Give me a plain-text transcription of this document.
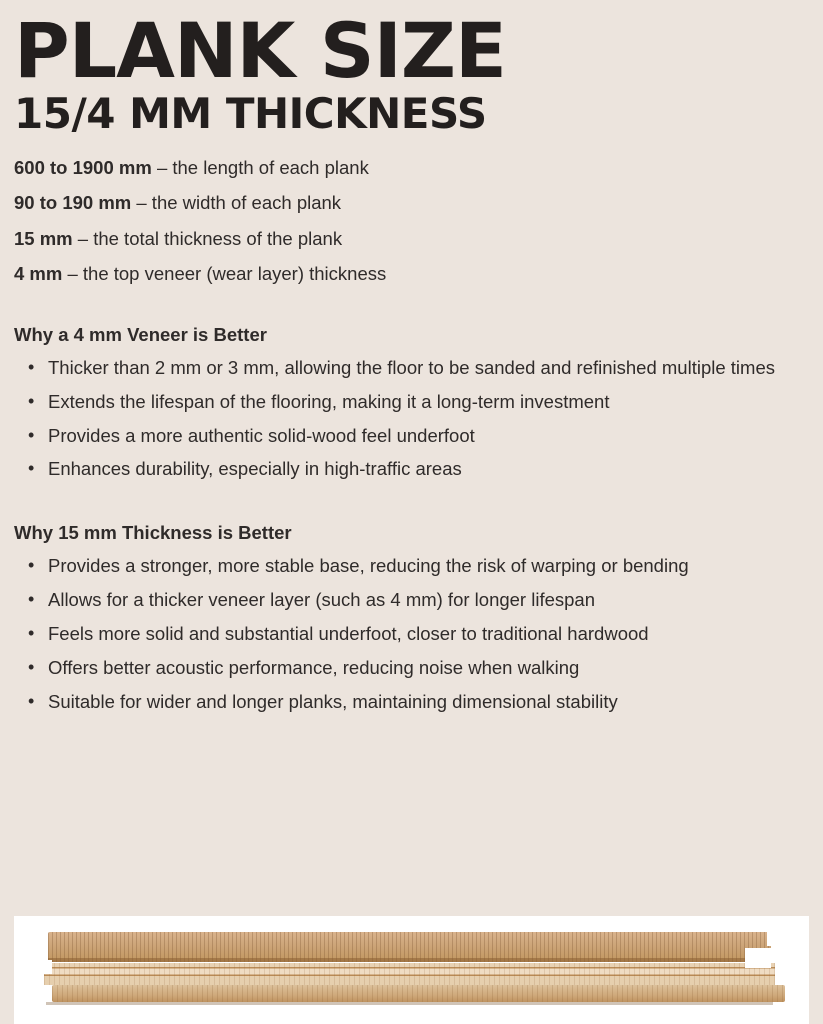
PLANK SIZE
15/4 MM THICKNESS

600 to 1900 mm – the length of each plank

90 to 190 mm – the width of each plank

15 mm – the total thickness of the plank

4 mm – the top veneer (wear layer) thickness

Why a 4 mm Veneer is Better
• Thicker than 2 mm or 3 mm, allowing the floor to be sanded and refinished multiple times
• Extends the lifespan of the flooring, making it a long-term investment
• Provides a more authentic solid-wood feel underfoot
• Enhances durability, especially in high-traffic areas
Why 15 mm Thickness is Better
• Provides a stronger, more stable base, reducing the risk of warping or bending
• Allows for a thicker veneer layer (such as 4 mm) for longer lifespan
• Feels more solid and substantial underfoot, closer to traditional hardwood
• Offers better acoustic performance, reducing noise when walking
• Suitable for wider and longer planks, maintaining dimensional stability
